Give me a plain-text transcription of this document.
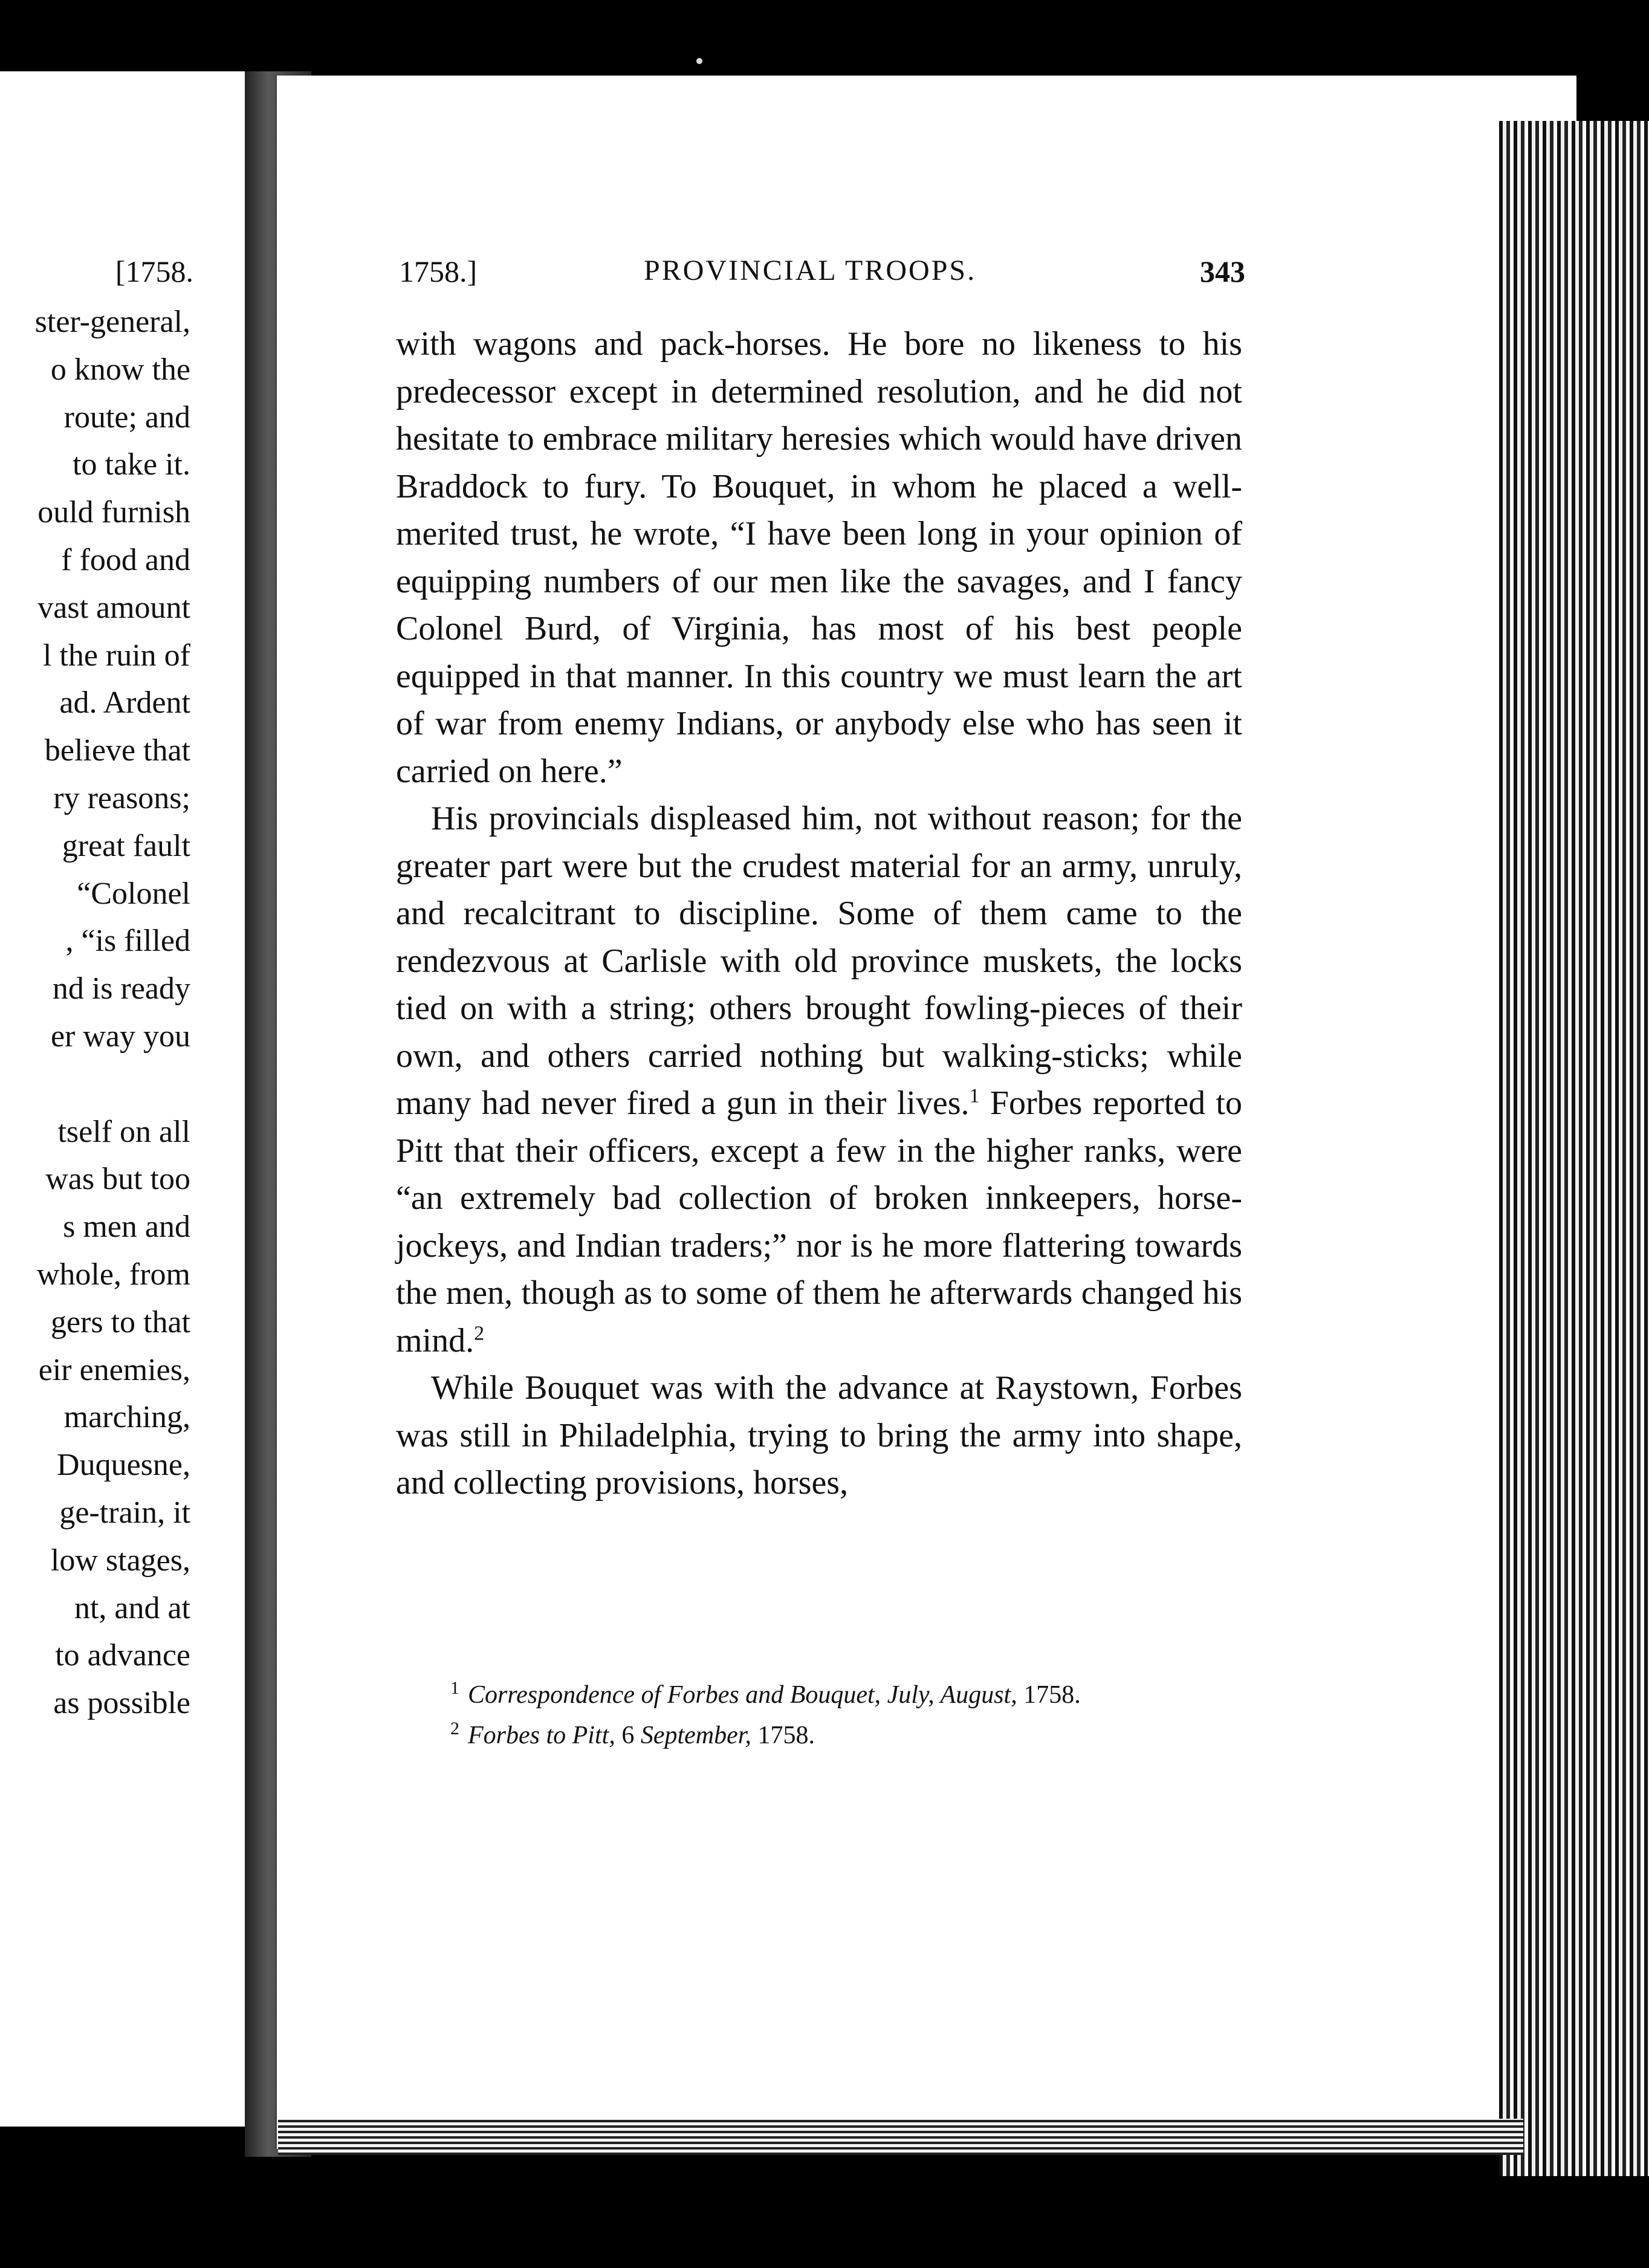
[1758.
ster-general,
o know the
route; and
to take it.
ould furnish
f food and
vast amount
l the ruin of
ad. Ardent
believe that
ry reasons;
great fault
“Colonel
, “is filled
nd is ready
er way you
tself on all
was but too
s men and
whole, from
gers to that
eir enemies,
marching,
Duquesne,
ge-train, it
low stages,
nt, and at
to advance
as possible
1758.]	PROVINCIAL TROOPS.	343

with wagons and pack-horses. He bore no likeness to his predecessor except in determined resolution, and he did not hesitate to embrace military heresies which would have driven Braddock to fury. To Bouquet, in whom he placed a well-merited trust, he wrote, “I have been long in your opinion of equipping numbers of our men like the savages, and I fancy Colonel Burd, of Virginia, has most of his best people equipped in that manner. In this country we must learn the art of war from enemy Indians, or anybody else who has seen it carried on here.”

His provincials displeased him, not without reason; for the greater part were but the crudest material for an army, unruly, and recalcitrant to discipline. Some of them came to the rendezvous at Carlisle with old province muskets, the locks tied on with a string; others brought fowling-pieces of their own, and others carried nothing but walking-sticks; while many had never fired a gun in their lives.$^1$ Forbes reported to Pitt that their officers, except a few in the higher ranks, were “an extremely bad collection of broken innkeepers, horse-jockeys, and Indian traders;” nor is he more flattering towards the men, though as to some of them he afterwards changed his mind.$^2$

While Bouquet was with the advance at Raystown, Forbes was still in Philadelphia, trying to bring the army into shape, and collecting provisions, horses,

$^1$ Correspondence of Forbes and Bouquet, July, August, 1758.
$^2$ Forbes to Pitt, 6 September, 1758.
